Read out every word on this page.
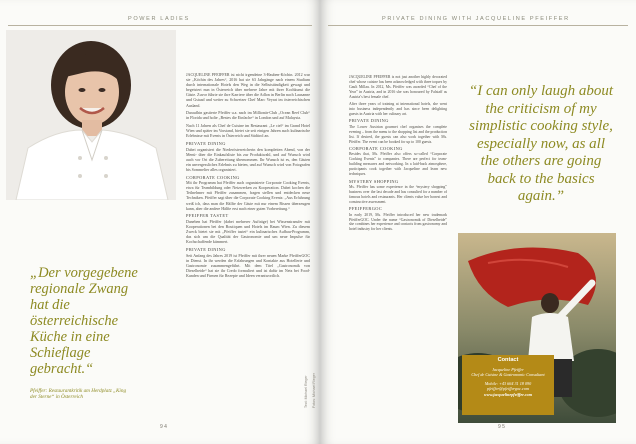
POWER LADIES
„Der vorgegebene regionale Zwang hat die österreichische Küche in eine Schieflage gebracht.“
Pfeiffer: Restaurantkritik am Herdplatz „King der Sterne“ in Österreich

JACQUELINE PFEIFFER ist nicht irgendeine 3-Hauben-Köchin. 2012 war sie „Köchin des Jahres“, 2016 hat sie 63 Jahrgänge nach einem Studium durch internationale Hotels den Weg in die Selbstständigkeit gewagt und begeistert nun in Österreich über mehrere Jahre mit ihrer Kochkunst die Gäste. Zuvor führte sie ihre Karriere über die Adlon in Berlin nach Lausanne und Gstaad und weiter zu Schweizer Chef Marc Veyrat im österreichischen Ausland.

Daraufhin gastierte Pfeiffer u.a. nach im Millionär-Club „Ocean Reef Club“ in Florida und holte „Bestes die Einfache“ in London und auf Malaysia.

Nach 11 Jahren als Chef de Cuisine im Restaurant „Le ciel“ im Grand Hotel Wien und später im Vorstand, bietet sie seit einigen Jahren auch kulinarische Erlebnisse mit Events in Österreich und Südtirol an.

PRIVATE DINING

Dabei organisiert die Niederösterreicherin den kompletten Abend, von der Menü- über die Einkaufsliste bis zur Produktwahl, und auf Wunsch wird auch vor Ort die Zubereitung übernommen. Ihr Wunsch ist es, den Gästen ein unvergessliches Erlebnis zu bieten, und auf Wunsch wird von Fotografen bis Sommelier alles organisiert.

CORPORATE COOKING

Mit ihr Programm hat Pfeiffer auch organisierte Corporate Cooking Events, etwa für Teambildung oder Netzwerken zu Kooperation. Dabei kochen die Teilnehmer mit Pfeiffer zusammen, fragen stellen und entdecken neue Techniken. Pfeiffer sagt über die Corporate Cooking Events: „Aus Erfahrung weiß ich, dass man die Hälfte der Gäste mit nur einem Bissen überzeugen kann, aber die andere Hälfte erst nach einer guten Vorbereitung.“

PFEIFFER TASTET

Daneben hat Pfeiffer (dabei mehrerer Aufträge) bei Wissenstransfer mit Kooperationen bei den Boutiquen und Hotels im Raum Wien. Zu diesem Zweck bietet sie mit „Pfeiffer tastet“ ein kulinarisches Aufbau-Programm, das sich um die Qualität der Gastronomie und um neue Impulse für Kochschaffende kümmert.

PRIVATE DINING

Seit Anfang des Jahres 2019 ist Pfeiffer mit ihrer neuen Marke PfeifferGOC in Dienst. In ihr werden die Erfahrungen und Kontakte aus Hotellerie und Gastronomie zusammengeführt. Mit dem Titel „Gastronomik von Dieselheide“ hat sie ihr Credo formuliert und ist dafür im Netz bei Food-Kunden und Firmen für Rezepte und Ideen verantwortlich.

Text: Michael Rieger Fotos: Michael Rieger
9 4
PRIVATE DINING WITH JACQUELINE PFEIFFER
9 5

JACQUELINE PFEIFFER is not just another highly decorated chef whose cuisine has been acknowledged with three toques by Gault Millau. In 2012, Ms. Pfeiffer was awarded “Chef of the Year” in Austria, and in 2016 she was honoured by Falstaff as Austria’s best female chef.

After three years of training at international hotels, she went into business independently and has since been delighting guests in Austria with her culinary art.

PRIVATE DINING

The Lower Austrian gourmet chef organises the complete evening – from the menu to the shopping list and the production list. If desired, the guests can also work together with Ms. Pfeiffer. The event can be booked for up to 100 guests.

CORPORATE COOKING

Besides that, Ms. Pfeiffer also offers so-called “Corporate Cooking Events” to companies. There are perfect for team-building measures and networking. In a laid-back atmosphere, participants cook together with Jacqueline and learn new techniques.

MYSTERY SHOPPING

Ms. Pfeiffer has some experience in the “mystery shopping” business over the last decade and has consulted for a number of famous hotels and restaurants. Her clients value her honest and constructive assessment.

PFEIFFERGOC

In early 2019, Ms. Pfeiffer introduced her new trademark PfeifferGOC. Under the name “Gastronomik of Dieselheide” she combines her experience and contacts from gastronomy and hotel industry for her clients.

“I can only laugh about the criticism of my simplistic cooking style, especially now, as all the others are going back to the basics again.”
Contact
Jacqueline Pfeiffer
Chef de Cuisine & Gastronomic Consultant
Mobile: +43 664 31 18 090
pfeiffer@pfeiffergoc.com
www.jacquelinepfeiffer.com
